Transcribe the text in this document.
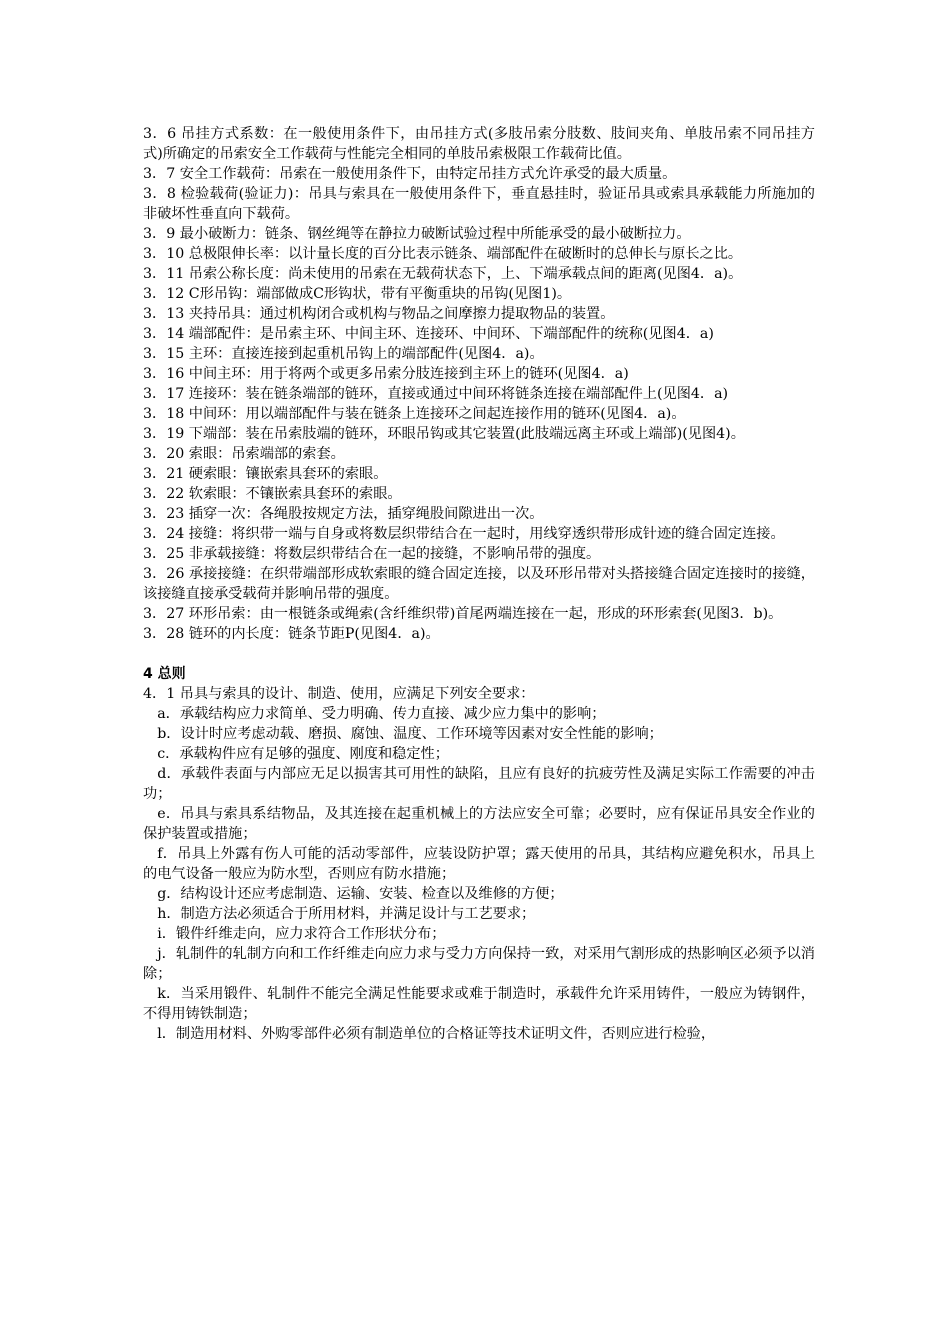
3．6 吊挂方式系数：在一般使用条件下，由吊挂方式(多肢吊索分肢数、肢间夹角、单肢吊索不同吊挂方式)所确定的吊索安全工作载荷与性能完全相同的单肢吊索极限工作载荷比值。

3．7 安全工作载荷：吊索在一般使用条件下，由特定吊挂方式允许承受的最大质量。

3．8 检验载荷(验证力)：吊具与索具在一般使用条件下，垂直悬挂时，验证吊具或索具承载能力所施加的非破坏性垂直向下载荷。

3．9 最小破断力：链条、钢丝绳等在静拉力破断试验过程中所能承受的最小破断拉力。

3．10 总极限伸长率：以计量长度的百分比表示链条、端部配件在破断时的总伸长与原长之比。

3．11 吊索公称长度：尚未使用的吊索在无载荷状态下，上、下端承载点间的距离(见图4．a)。

3．12 C形吊钩：端部做成C形钩状，带有平衡重块的吊钩(见图1)。

3．13 夹持吊具：通过机构闭合或机构与物品之间摩擦力提取物品的装置。

3．14 端部配件：是吊索主环、中间主环、连接环、中间环、下端部配件的统称(见图4．a)

3．15 主环：直接连接到起重机吊钩上的端部配件(见图4．a)。

3．16 中间主环：用于将两个或更多吊索分肢连接到主环上的链环(见图4．a)

3．17 连接环：装在链条端部的链环，直接或通过中间环将链条连接在端部配件上(见图4．a)

3．18 中间环：用以端部配件与装在链条上连接环之间起连接作用的链环(见图4．a)。

3．19 下端部：装在吊索肢端的链环，环眼吊钩或其它装置(此肢端远离主环或上端部)(见图4)。

3．20 索眼：吊索端部的索套。

3．21 硬索眼：镶嵌索具套环的索眼。

3．22 软索眼：不镶嵌索具套环的索眼。

3．23 插穿一次：各绳股按规定方法，插穿绳股间隙进出一次。

3．24 接缝：将织带一端与自身或将数层织带结合在一起时，用线穿透织带形成针迹的缝合固定连接。

3．25 非承载接缝：将数层织带结合在一起的接缝，不影响吊带的强度。

3．26 承接接缝：在织带端部形成软索眼的缝合固定连接，以及环形吊带对头搭接缝合固定连接时的接缝，该接缝直接承受载荷并影响吊带的强度。

3．27 环形吊索：由一根链条或绳索(含纤维织带)首尾两端连接在一起，形成的环形索套(见图3．b)。

3．28 链环的内长度：链条节距P(见图4．a)。

4 总则

4．1 吊具与索具的设计、制造、使用，应满足下列安全要求：

a．承载结构应力求简单、受力明确、传力直接、减少应力集中的影响；

b．设计时应考虑动载、磨损、腐蚀、温度、工作环境等因素对安全性能的影响；

c．承载构件应有足够的强度、刚度和稳定性；

d．承载件表面与内部应无足以损害其可用性的缺陷，且应有良好的抗疲劳性及满足实际工作需要的冲击功；

e．吊具与索具系结物品，及其连接在起重机械上的方法应安全可靠；必要时，应有保证吊具安全作业的保护装置或措施；

f．吊具上外露有伤人可能的活动零部件，应装设防护罩；露天使用的吊具，其结构应避免积水，吊具上的电气设备一般应为防水型，否则应有防水措施；

g．结构设计还应考虑制造、运输、安装、检查以及维修的方便；

h．制造方法必须适合于所用材料，并满足设计与工艺要求；

i．锻件纤维走向，应力求符合工作形状分布；

j．轧制件的轧制方向和工作纤维走向应力求与受力方向保持一致，对采用气割形成的热影响区必须予以消除；

k．当采用锻件、轧制件不能完全满足性能要求或难于制造时，承载件允许采用铸件，一般应为铸钢件，不得用铸铁制造；

l．制造用材料、外购零部件必须有制造单位的合格证等技术证明文件，否则应进行检验，
